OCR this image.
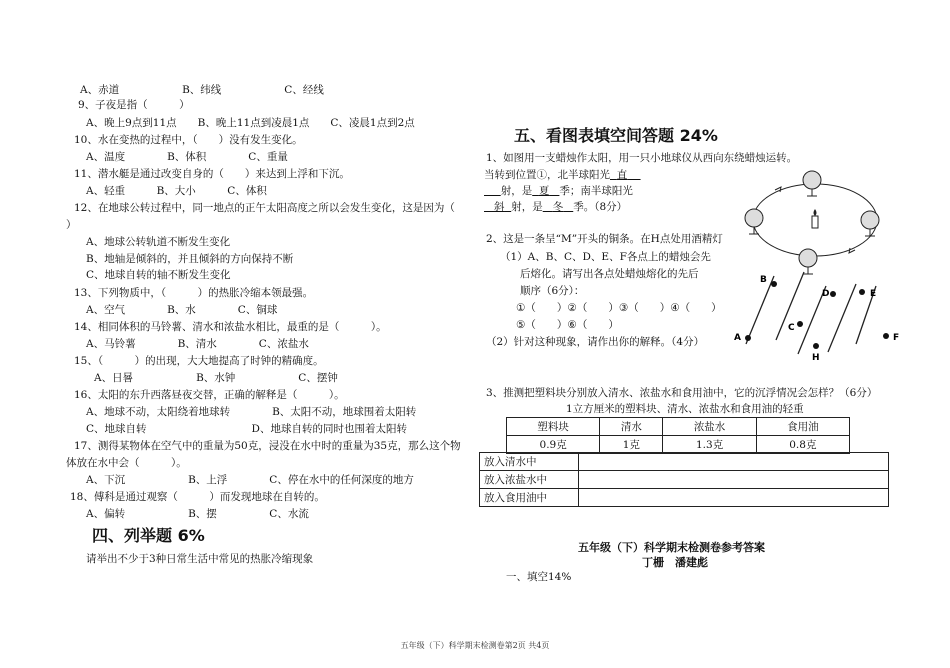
A、赤道　　　　　　B、纬线　　　　　　C、经线
9、子夜是指（　　　）
A、晚上9点到11点　　B、晚上11点到凌晨1点　　C、凌晨1点到2点
10、水在变热的过程中，（　　）没有发生变化。
A、温度　　　　B、体积　　　　C、重量
11、潜水艇是通过改变自身的（　　）来达到上浮和下沉。
A、轻重　　　B、大小　　　C、体积
12、在地球公转过程中，同一地点的正午太阳高度之所以会发生变化，这是因为（
）
A、地球公转轨道不断发生变化
B、地轴是倾斜的，并且倾斜的方向保持不断
C、地球自转的轴不断发生变化
13、下列物质中，（　　　）的热胀冷缩本领最强。
A、空气　　　　B、水　　　　C、铜球
14、相同体积的马铃薯、清水和浓盐水相比，最重的是（　　　）。
A、马铃薯　　　　B、清水　　　　C、浓盐水
15、（　　　）的出现，大大地提高了时钟的精确度。
A、日晷　　　　　　B、水钟　　　　　　C、摆钟
16、太阳的东升西落昼夜交替，正确的解释是（　　　）。
A、地球不动，太阳绕着地球转　　　　B、太阳不动，地球围着太阳转
C、地球自转　　　　　　　　　　D、地球自转的同时也围着太阳转
17、测得某物体在空气中的重量为50克，浸没在水中时的重量为35克，那么这个物
体放在水中会（　　　）。
A、下沉　　　　　　B、上浮　　　　C、停在水中的任何深度的地方
18、傅科是通过观察（　　　）而发现地球在自转的。
A、偏转　　　　　　B、摆　　　　　C、水流
四、列举题 6%
请举出不少于3种日常生活中常见的热胀冷缩现象
五、看图表填空间答题 24%
1、如图用一支蜡烛作太阳，用一只小地球仪从西向东绕蜡烛运转。
当转到位置①，北半球阳光 直
射，是 夏 季；南半球阳光
斜 射，是 冬 季。（8分）
2、这是一条呈“M”开头的铜条。在H点处用酒精灯
（1）A、B、C、D、E、F各点上的蜡烛会先
后熔化。请写出各点处蜡烛熔化的先后
顺序（6分）：
①（　　）②（　　）③（　　）④（　　）
⑤（　　）⑥（　　）
（2）针对这种现象，请作出你的解释。（4分）	A
B
C
D	E
F
H
3、推测把塑料块分别放入清水、浓盐水和食用油中，它的沉浮情况会怎样？（6分）
1立方厘米的塑料块、清水、浓盐水和食用油的轻重
塑料块	清水	浓盐水	食用油
0.9克	1克	1.3克	0.8克
放入清水中	
放入浓盐水中	
放入食用油中	
五年级（下）科学期末检测卷参考答案
丁栅　潘建彪
一、填空14%
五年级（下）科学期末检测卷第2页 共4页
